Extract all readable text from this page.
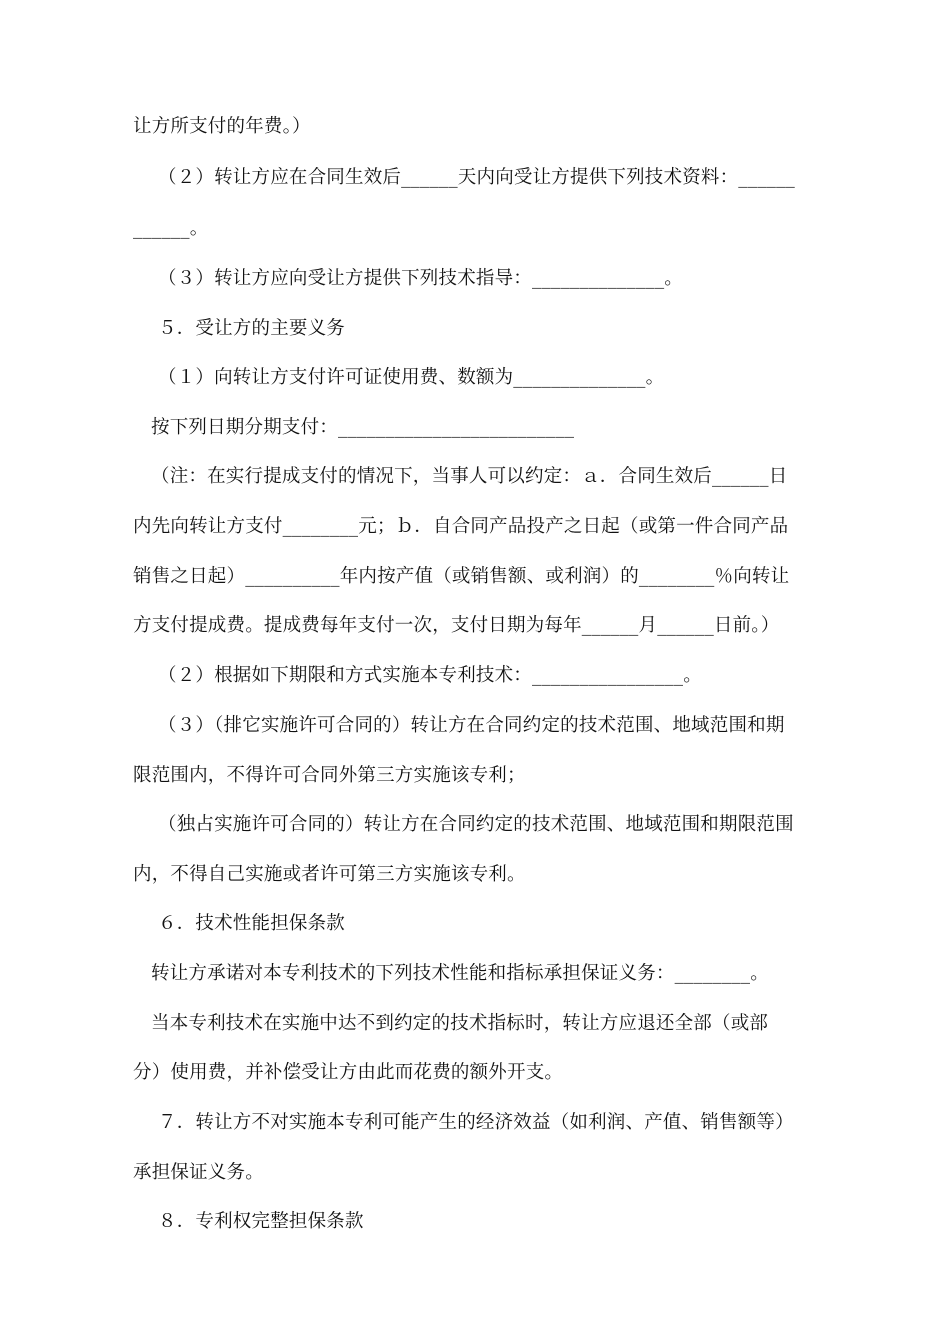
让方所支付的年费。）
（２）转让方应在合同生效后______天内向受让方提供下列技术资料：______
______。
（３）转让方应向受让方提供下列技术指导：______________。
５．受让方的主要义务
（１）向转让方支付许可证使用费、数额为______________。
按下列日期分期支付：_________________________
（注：在实行提成支付的情况下，当事人可以约定：ａ．合同生效后______日
内先向转让方支付________元；ｂ．自合同产品投产之日起（或第一件合同产品
销售之日起）__________年内按产值（或销售额、或利润）的________％向转让
方支付提成费。提成费每年支付一次，支付日期为每年______月______日前。）
（２）根据如下期限和方式实施本专利技术：________________。
（３）（排它实施许可合同的）转让方在合同约定的技术范围、地域范围和期
限范围内，不得许可合同外第三方实施该专利；
（独占实施许可合同的）转让方在合同约定的技术范围、地域范围和期限范围
内，不得自己实施或者许可第三方实施该专利。
６．技术性能担保条款
转让方承诺对本专利技术的下列技术性能和指标承担保证义务：________。
当本专利技术在实施中达不到约定的技术指标时，转让方应退还全部（或部
分）使用费，并补偿受让方由此而花费的额外开支。
７．转让方不对实施本专利可能产生的经济效益（如利润、产值、销售额等）
承担保证义务。
８．专利权完整担保条款
